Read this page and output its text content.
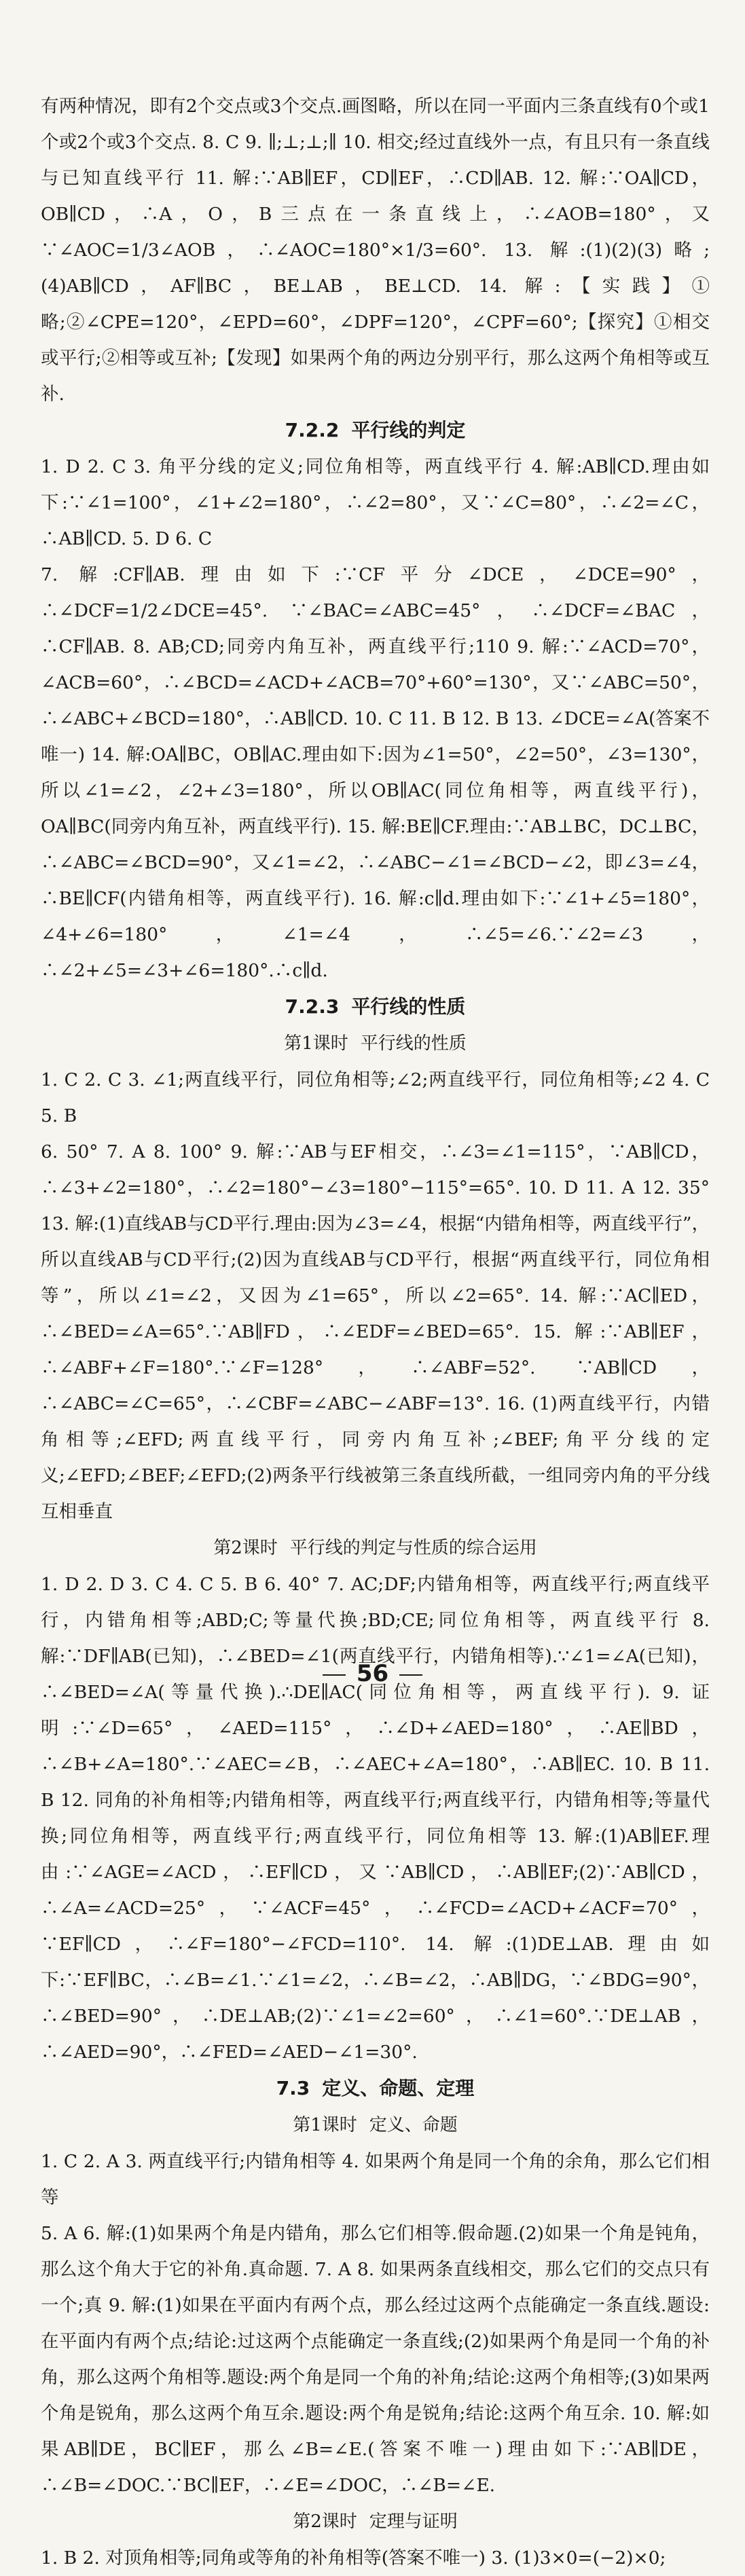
有两种情况，即有2个交点或3个交点.画图略，所以在同一平面内三条直线有0个或1个或2个或3个交点. 8. C 9. ∥;⊥;⊥;∥ 10. 相交;经过直线外一点，有且只有一条直线与已知直线平行 11. 解:∵AB∥EF，CD∥EF，∴CD∥AB. 12. 解:∵OA∥CD，OB∥CD，∴A，O，B三点在一条直线上，∴∠AOB=180°，又∵∠AOC=1/3∠AOB，∴∠AOC=180°×1/3=60°. 13. 解:(1)(2)(3)略;(4)AB∥CD，AF∥BC，BE⊥AB，BE⊥CD. 14. 解:【实践】①略;②∠CPE=120°，∠EPD=60°，∠DPF=120°，∠CPF=60°;【探究】①相交或平行;②相等或互补;【发现】如果两个角的两边分别平行，那么这两个角相等或互补.

7.2.2 平行线的判定

1. D 2. C 3. 角平分线的定义;同位角相等，两直线平行 4. 解:AB∥CD.理由如下:∵∠1=100°，∠1+∠2=180°，∴∠2=80°，又∵∠C=80°，∴∠2=∠C，∴AB∥CD. 5. D 6. C

7. 解:CF∥AB.理由如下:∵CF平分∠DCE，∠DCE=90°，∴∠DCF=1/2∠DCE=45°. ∵∠BAC=∠ABC=45°，∴∠DCF=∠BAC，∴CF∥AB. 8. AB;CD;同旁内角互补，两直线平行;110 9. 解:∵∠ACD=70°，∠ACB=60°，∴∠BCD=∠ACD+∠ACB=70°+60°=130°，又∵∠ABC=50°，∴∠ABC+∠BCD=180°，∴AB∥CD. 10. C 11. B 12. B 13. ∠DCE=∠A(答案不唯一) 14. 解:OA∥BC，OB∥AC.理由如下:因为∠1=50°，∠2=50°，∠3=130°，所以∠1=∠2，∠2+∠3=180°，所以OB∥AC(同位角相等，两直线平行)，OA∥BC(同旁内角互补，两直线平行). 15. 解:BE∥CF.理由:∵AB⊥BC，DC⊥BC，∴∠ABC=∠BCD=90°，又∠1=∠2，∴∠ABC−∠1=∠BCD−∠2，即∠3=∠4，∴BE∥CF(内错角相等，两直线平行). 16. 解:c∥d.理由如下:∵∠1+∠5=180°，∠4+∠6=180°，∠1=∠4，∴∠5=∠6.∵∠2=∠3，∴∠2+∠5=∠3+∠6=180°.∴c∥d.

7.2.3 平行线的性质

第1课时 平行线的性质

1. C 2. C 3. ∠1;两直线平行，同位角相等;∠2;两直线平行，同位角相等;∠2 4. C 5. B

6. 50° 7. A 8. 100° 9. 解:∵AB与EF相交，∴∠3=∠1=115°，∵AB∥CD，∴∠3+∠2=180°，∴∠2=180°−∠3=180°−115°=65°. 10. D 11. A 12. 35° 13. 解:(1)直线AB与CD平行.理由:因为∠3=∠4，根据“内错角相等，两直线平行”，所以直线AB与CD平行;(2)因为直线AB与CD平行，根据“两直线平行，同位角相等”，所以∠1=∠2，又因为∠1=65°，所以∠2=65°. 14. 解:∵AC∥ED，∴∠BED=∠A=65°.∵AB∥FD，∴∠EDF=∠BED=65°. 15. 解:∵AB∥EF，∴∠ABF+∠F=180°.∵∠F=128°，∴∠ABF=52°. ∵AB∥CD，∴∠ABC=∠C=65°，∴∠CBF=∠ABC−∠ABF=13°. 16. (1)两直线平行，内错角相等;∠EFD;两直线平行，同旁内角互补;∠BEF;角平分线的定义;∠EFD;∠BEF;∠EFD;(2)两条平行线被第三条直线所截，一组同旁内角的平分线互相垂直

第2课时 平行线的判定与性质的综合运用

1. D 2. D 3. C 4. C 5. B 6. 40° 7. AC;DF;内错角相等，两直线平行;两直线平行，内错角相等;ABD;C;等量代换;BD;CE;同位角相等，两直线平行 8. 解:∵DF∥AB(已知)，∴∠BED=∠1(两直线平行，内错角相等).∵∠1=∠A(已知)，∴∠BED=∠A(等量代换).∴DE∥AC(同位角相等，两直线平行). 9. 证明:∵∠D=65°，∠AED=115°，∴∠D+∠AED=180°，∴AE∥BD，∴∠B+∠A=180°.∵∠AEC=∠B，∴∠AEC+∠A=180°，∴AB∥EC. 10. B 11. B 12. 同角的补角相等;内错角相等，两直线平行;两直线平行，内错角相等;等量代换;同位角相等，两直线平行;两直线平行，同位角相等 13. 解:(1)AB∥EF.理由:∵∠AGE=∠ACD，∴EF∥CD，又∵AB∥CD，∴AB∥EF;(2)∵AB∥CD，∴∠A=∠ACD=25°，∵∠ACF=45°，∴∠FCD=∠ACD+∠ACF=70°，∵EF∥CD，∴∠F=180°−∠FCD=110°. 14. 解:(1)DE⊥AB.理由如下:∵EF∥BC，∴∠B=∠1.∵∠1=∠2，∴∠B=∠2，∴AB∥DG，∵∠BDG=90°，∴∠BED=90°，∴DE⊥AB;(2)∵∠1=∠2=60°，∴∠1=60°.∵DE⊥AB，∴∠AED=90°，∴∠FED=∠AED−∠1=30°.

7.3 定义、命题、定理

第1课时 定义、命题

1. C 2. A 3. 两直线平行;内错角相等 4. 如果两个角是同一个角的余角，那么它们相等

5. A 6. 解:(1)如果两个角是内错角，那么它们相等.假命题.(2)如果一个角是钝角，那么这个角大于它的补角.真命题. 7. A 8. 如果两条直线相交，那么它们的交点只有一个;真 9. 解:(1)如果在平面内有两个点，那么经过这两个点能确定一条直线.题设:在平面内有两个点;结论:过这两个点能确定一条直线;(2)如果两个角是同一个角的补角，那么这两个角相等.题设:两个角是同一个角的补角;结论:这两个角相等;(3)如果两个角是锐角，那么这两个角互余.题设:两个角是锐角;结论:这两个角互余. 10. 解:如果AB∥DE，BC∥EF，那么∠B=∠E.(答案不唯一)理由如下:∵AB∥DE，∴∠B=∠DOC.∵BC∥EF，∴∠E=∠DOC，∴∠B=∠E.

第2课时 定理与证明

1. B 2. 对顶角相等;同角或等角的补角相等(答案不唯一) 3. (1)3×0=(−2)×0;

56
